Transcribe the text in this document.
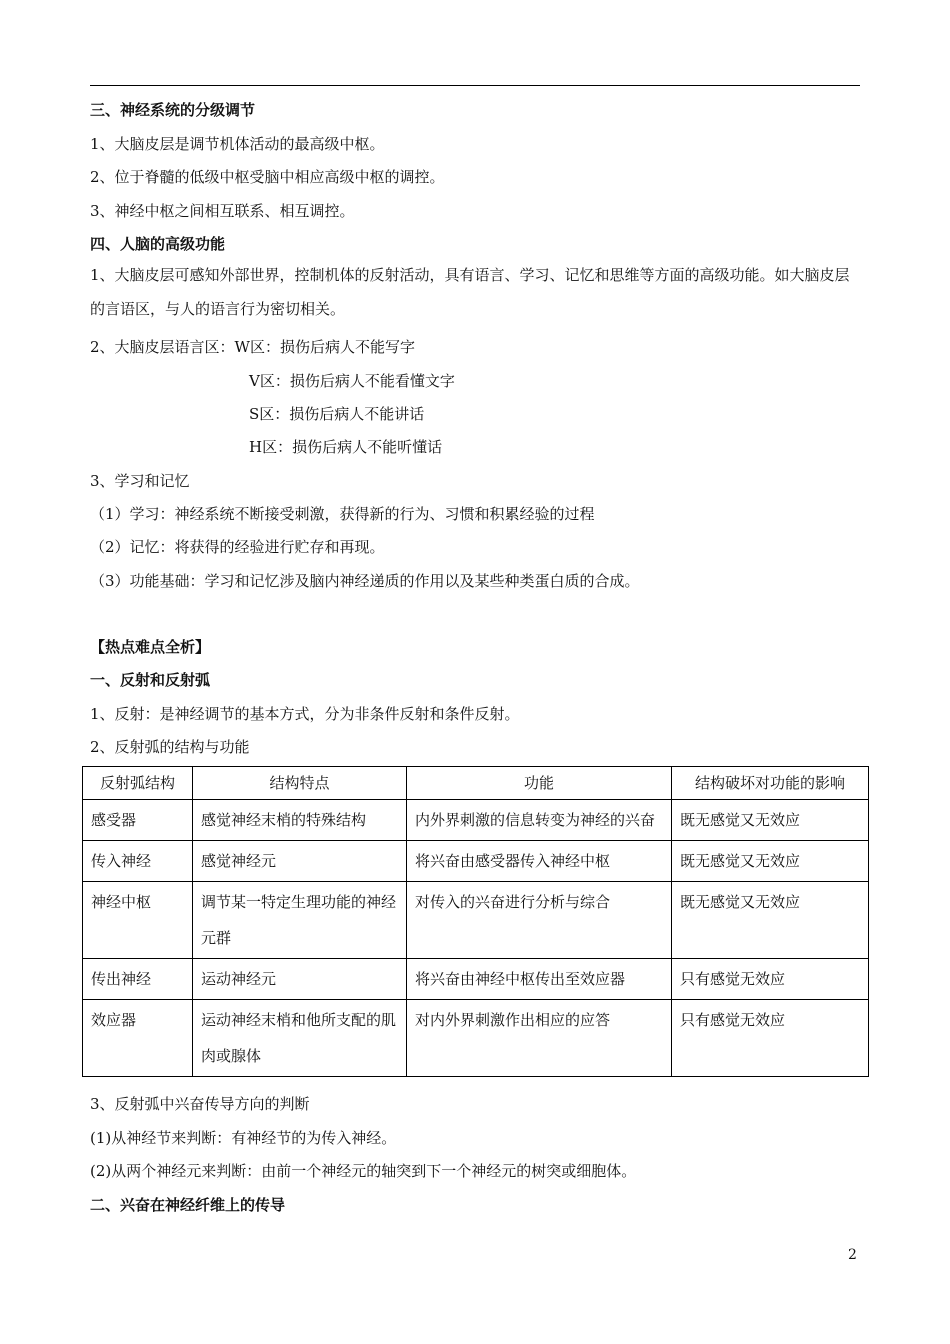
三、神经系统的分级调节
1、大脑皮层是调节机体活动的最高级中枢。
2、位于脊髓的低级中枢受脑中相应高级中枢的调控。
3、神经中枢之间相互联系、相互调控。
四、人脑的高级功能
1、大脑皮层可感知外部世界，控制机体的反射活动，具有语言、学习、记忆和思维等方面的高级功能。如大脑皮层的言语区，与人的语言行为密切相关。
2、大脑皮层语言区：W区：损伤后病人不能写字
V区：损伤后病人不能看懂文字
S区：损伤后病人不能讲话
H区：损伤后病人不能听懂话
3、学习和记忆
（1）学习：神经系统不断接受刺激，获得新的行为、习惯和积累经验的过程
（2）记忆：将获得的经验进行贮存和再现。
（3）功能基础：学习和记忆涉及脑内神经递质的作用以及某些种类蛋白质的合成。
【热点难点全析】
一、反射和反射弧
1、反射：是神经调节的基本方式，分为非条件反射和条件反射。
2、反射弧的结构与功能
反射弧结构	结构特点	功能	结构破坏对功能的影响
感受器	感觉神经末梢的特殊结构	内外界刺激的信息转变为神经的兴奋	既无感觉又无效应
传入神经	感觉神经元	将兴奋由感受器传入神经中枢	既无感觉又无效应
神经中枢	调节某一特定生理功能的神经元群	对传入的兴奋进行分析与综合	既无感觉又无效应
传出神经	运动神经元	将兴奋由神经中枢传出至效应器	只有感觉无效应
效应器	运动神经末梢和他所支配的肌肉或腺体	对内外界刺激作出相应的应答	只有感觉无效应
3、反射弧中兴奋传导方向的判断
(1)从神经节来判断：有神经节的为传入神经。
(2)从两个神经元来判断：由前一个神经元的轴突到下一个神经元的树突或细胞体。
二、兴奋在神经纤维上的传导
2
